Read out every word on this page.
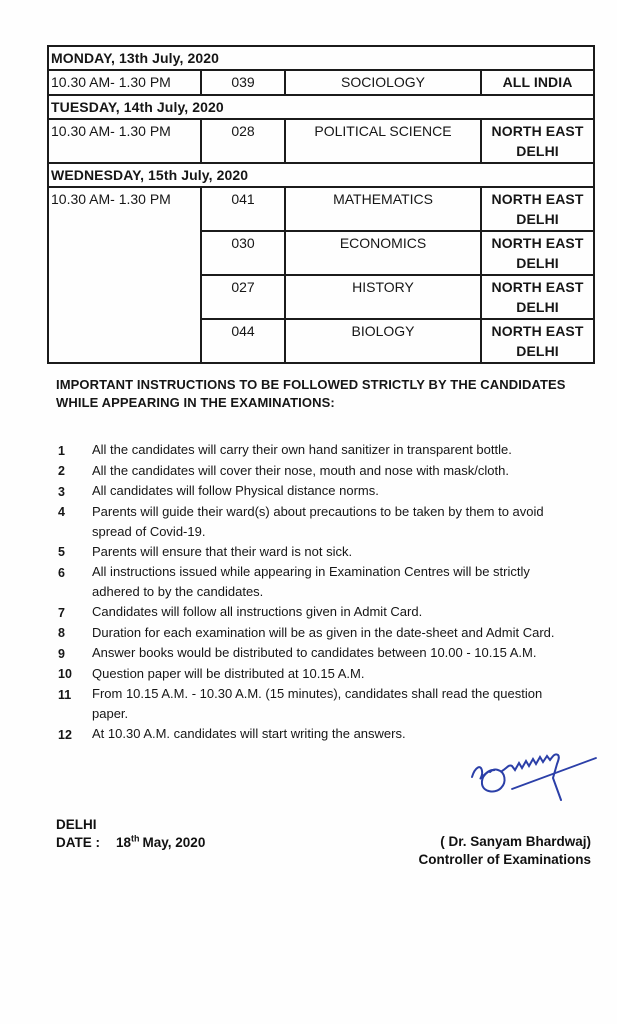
MONDAY, 13th July, 2020			
10.30 AM- 1.30 PM	039	SOCIOLOGY	ALL INDIA
TUESDAY, 14th July, 2020			
10.30 AM- 1.30 PM	028	POLITICAL SCIENCE	NORTH EAST DELHI
WEDNESDAY, 15th July, 2020			
10.30 AM- 1.30 PM	041	MATHEMATICS	NORTH EAST DELHI
	030	ECONOMICS	NORTH EAST DELHI
	027	HISTORY	NORTH EAST DELHI
	044	BIOLOGY	NORTH EAST DELHI
IMPORTANT INSTRUCTIONS TO BE FOLLOWED STRICTLY BY THE CANDIDATES WHILE APPEARING IN THE EXAMINATIONS:
1	All the candidates will carry their own hand sanitizer in transparent bottle.
2	All the candidates will cover their nose, mouth and nose with mask/cloth.
3	All candidates will follow Physical distance norms.
4	Parents will guide their ward(s) about precautions to be taken by them to avoid spread of Covid-19.
5	Parents will ensure that their ward is not sick.
6	All instructions issued while appearing in Examination Centres will be strictly adhered to by the candidates.
7	Candidates will follow all instructions given in Admit Card.
8	Duration for each examination will be as given in the date-sheet and Admit Card.
9	Answer books would be distributed to candidates between 10.00 - 10.15 A.M.
10	Question paper will be distributed at 10.15 A.M.
11	From 10.15 A.M. - 10.30 A.M. (15 minutes), candidates shall read the question paper.
12	At 10.30 A.M. candidates will start writing the answers.
DELHI
DATE : 18th May, 2020	( Dr. Sanyam Bhardwaj)
Controller of Examinations
